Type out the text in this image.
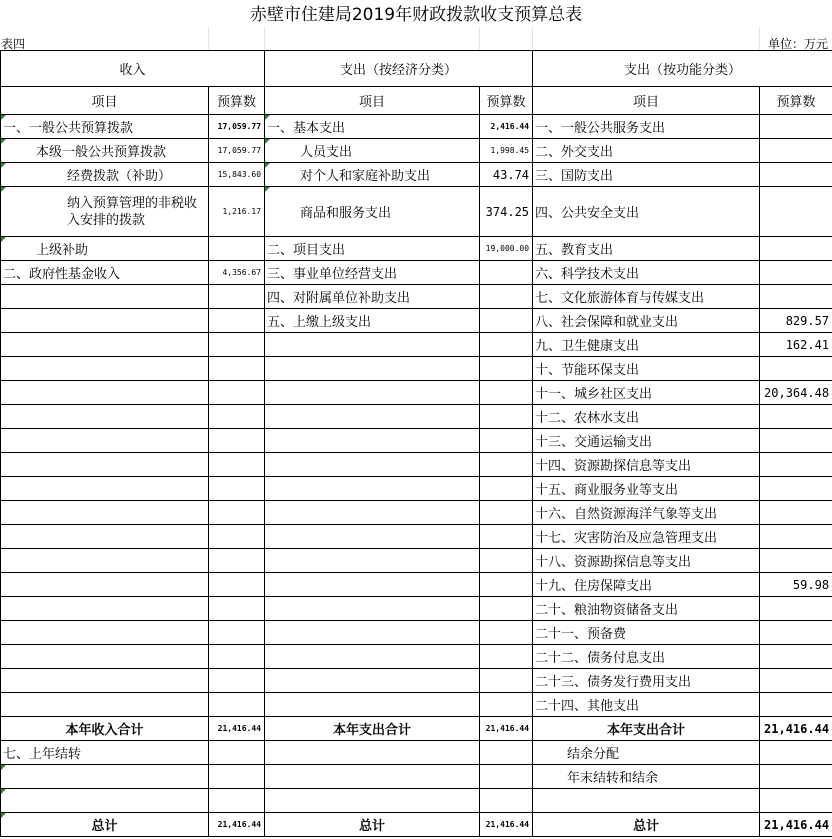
赤壁市住建局2019年财政拨款收支预算总表
表四	单位：万元
收入		支出（按经济分类）		支出（按功能分类）	
项目	预算数	项目	预算数	项目	预算数
一、一般公共预算拨款	17,059.77	一、基本支出	2,416.44	一、一般公共服务支出	
本级一般公共预算拨款	17,059.77	人员支出	1,998.45	二、外交支出	
经费拨款（补助）	15,843.60	对个人和家庭补助支出	43.74	三、国防支出	
纳入预算管理的非税收入安排的拨款	1,216.17	商品和服务支出	374.25	四、公共安全支出	
上级补助		二、项目支出	19,000.00	五、教育支出	
二、政府性基金收入	4,356.67	三、事业单位经营支出		六、科学技术支出	
		四、对附属单位补助支出		七、文化旅游体育与传媒支出	
		五、上缴上级支出		八、社会保障和就业支出	829.57
				九、卫生健康支出	162.41
				十、节能环保支出	
				十一、城乡社区支出	20,364.48
				十二、农林水支出	
				十三、交通运输支出	
				十四、资源勘探信息等支出	
				十五、商业服务业等支出	
				十六、自然资源海洋气象等支出	
				十七、灾害防治及应急管理支出	
				十八、资源勘探信息等支出	
				十九、住房保障支出	59.98
				二十、粮油物资储备支出	
				二十一、预备费	
				二十二、债务付息支出	
				二十三、债务发行费用支出	
				二十四、其他支出	
本年收入合计	21,416.44	本年支出合计	21,416.44	本年支出合计	21,416.44
七、上年结转				结余分配	
				年末结转和结余	

总计	21,416.44	总计	21,416.44	总计	21,416.44
